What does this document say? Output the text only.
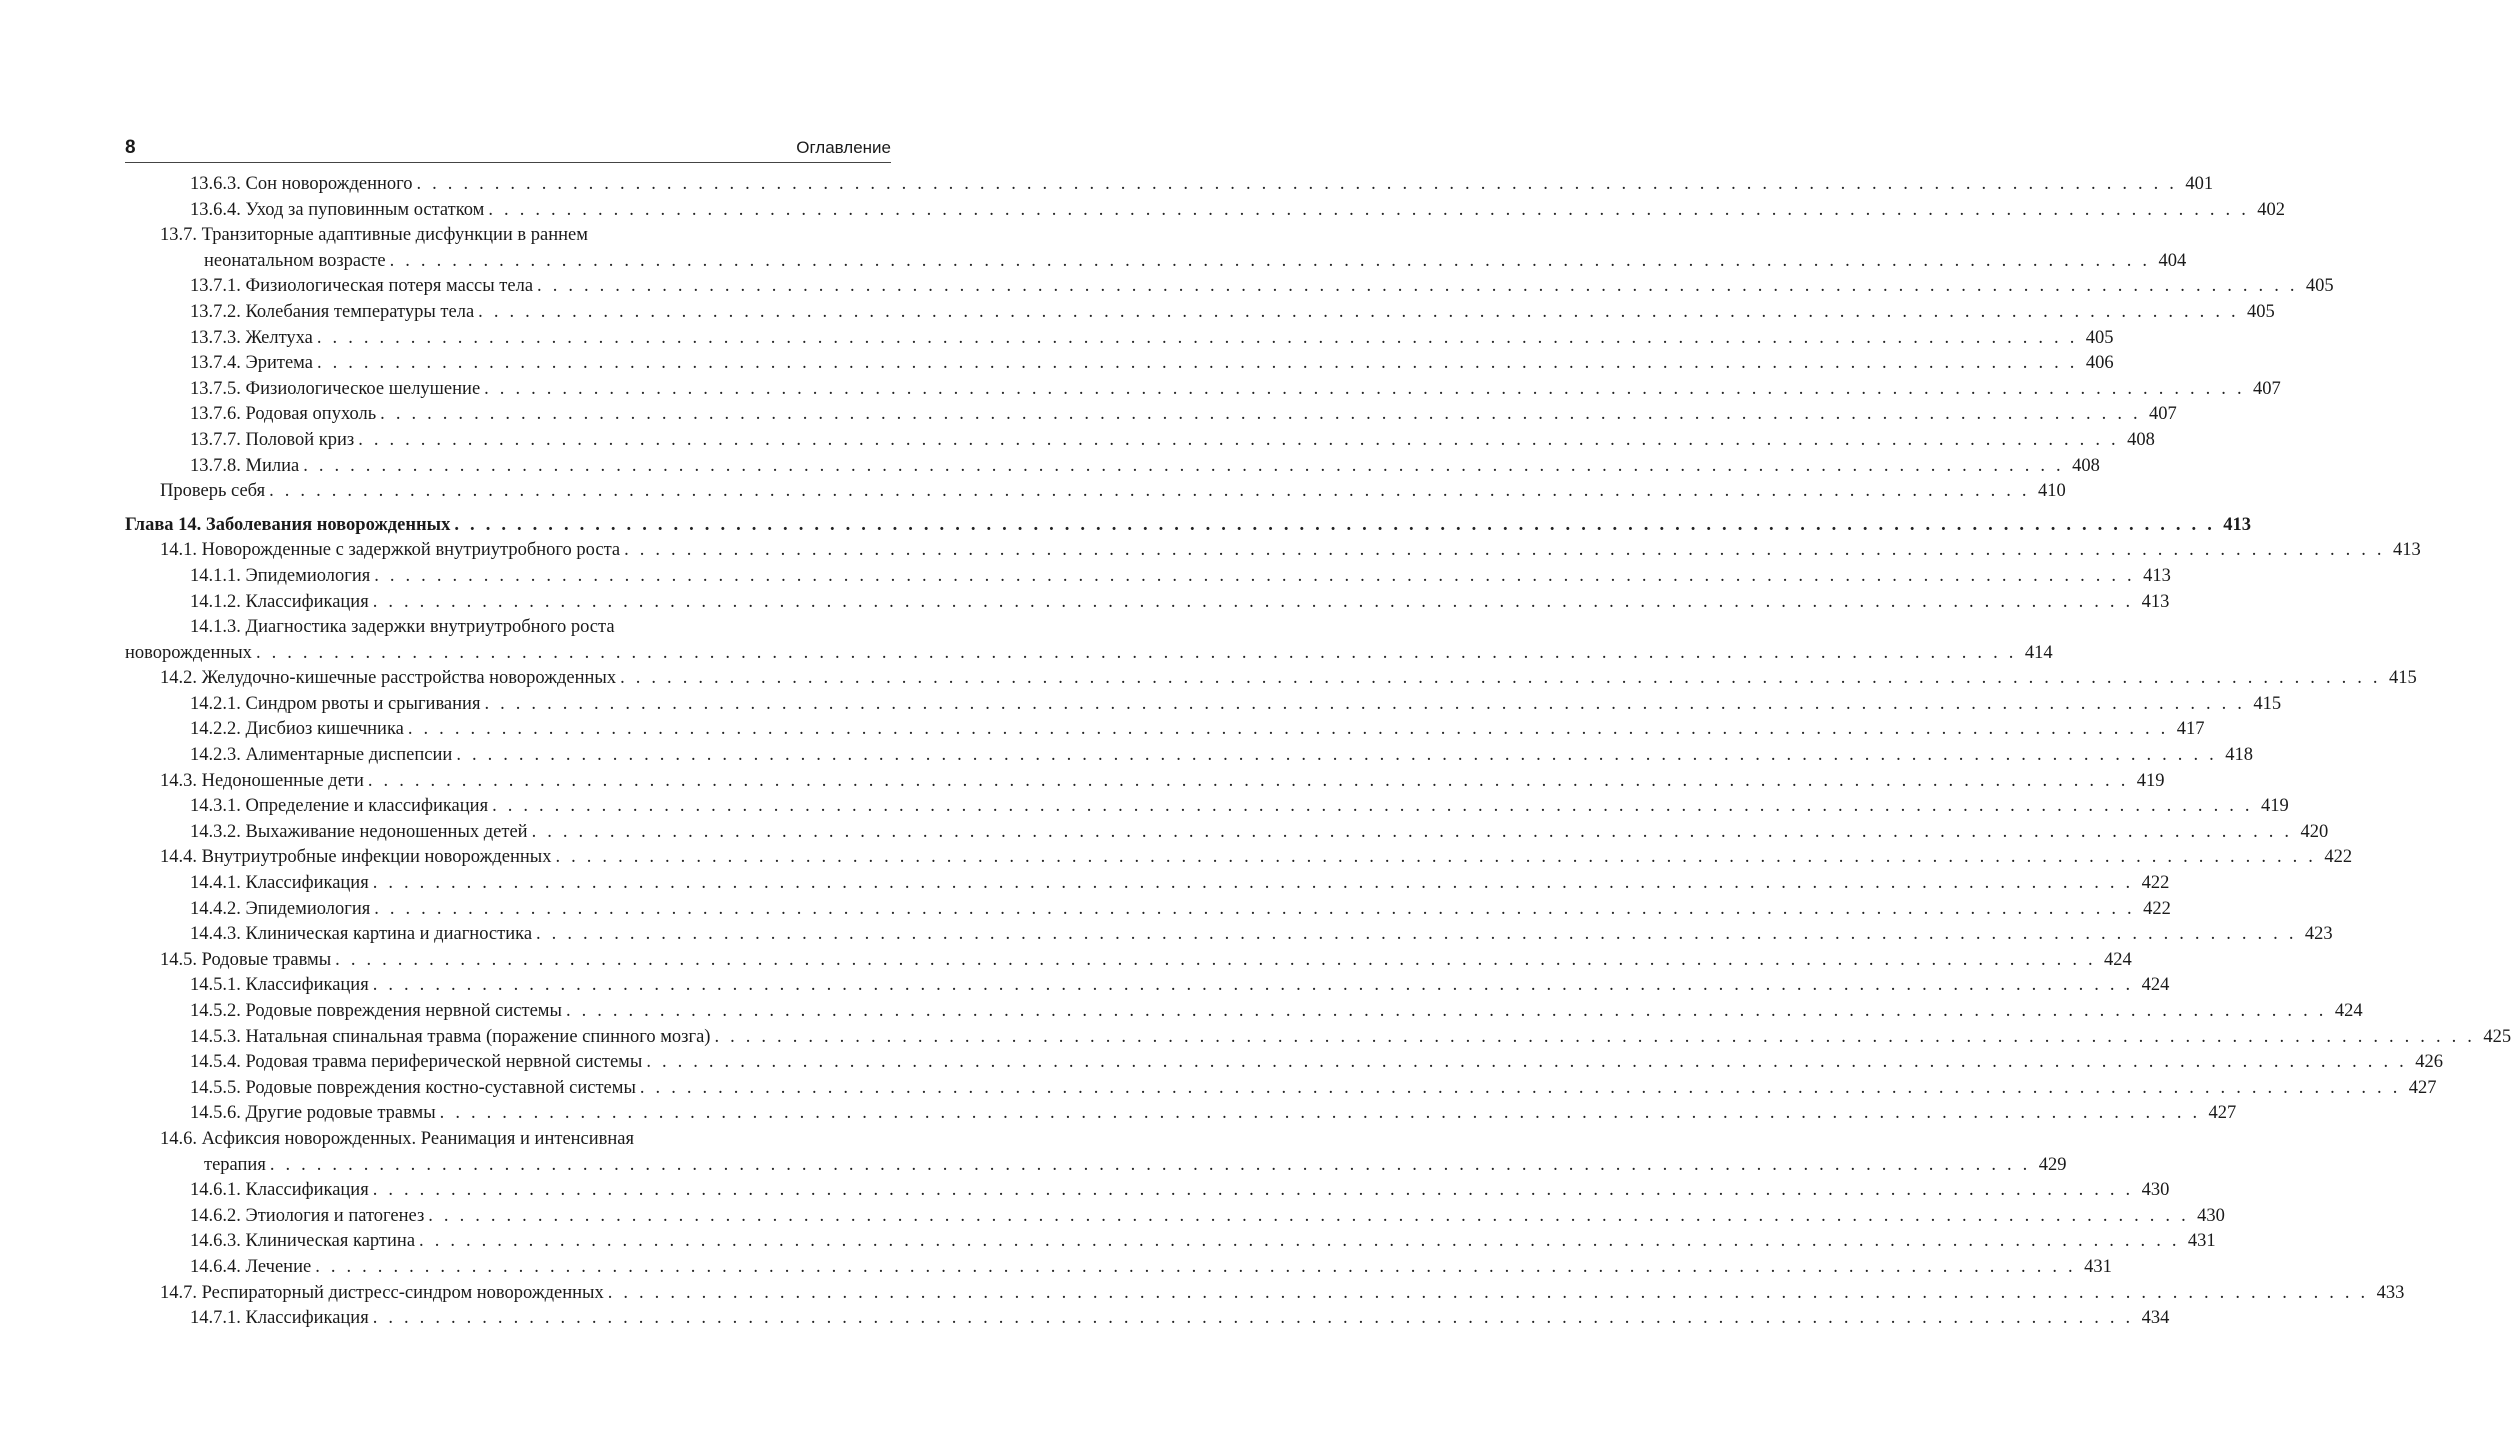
8	Оглавление
13.6.3. Сон новорожденного . . .	401
13.6.4. Уход за пуповинным остатком . . .	402
13.7. Транзиторные адаптивные дисфункции в раннем
неонатальном возрасте . . .	404
13.7.1. Физиологическая потеря массы тела . . .	405
13.7.2. Колебания температуры тела . . .	405
13.7.3. Желтуха . . .	405
13.7.4. Эритема . . .	406
13.7.5. Физиологическое шелушение . . .	407
13.7.6. Родовая опухоль . . .	407
13.7.7. Половой криз . . .	408
13.7.8. Милиа . . .	408
Проверь себя . . .	410
Глава 14. Заболевания новорожденных . . .	413
14.1. Новорожденные с задержкой внутриутробного роста . . .	413
14.1.1. Эпидемиология . . .	413
14.1.2. Классификация . . .	413
14.1.3. Диагностика задержки внутриутробного роста
новорожденных . . .	414
14.2. Желудочно-кишечные расстройства новорожденных . . .	415
14.2.1. Синдром рвоты и срыгивания . . .	415
14.2.2. Дисбиоз кишечника . . .	417
14.2.3. Алиментарные диспепсии . . .	418
14.3. Недоношенные дети . . .	419
14.3.1. Определение и классификация . . .	419
14.3.2. Выхаживание недоношенных детей . . .	420
14.4. Внутриутробные инфекции новорожденных . . .	422
14.4.1. Классификация . . .	422
14.4.2. Эпидемиология . . .	422
14.4.3. Клиническая картина и диагностика . . .	423
14.5. Родовые травмы . . .	424
14.5.1. Классификация . . .	424
14.5.2. Родовые повреждения нервной системы . . .	424
14.5.3. Натальная спинальная травма (поражение спинного мозга) . . .	425
14.5.4. Родовая травма периферической нервной системы . . .	426
14.5.5. Родовые повреждения костно-суставной системы . . .	427
14.5.6. Другие родовые травмы . . .	427
14.6. Асфиксия новорожденных. Реанимация и интенсивная
терапия . . .	429
14.6.1. Классификация . . .	430
14.6.2. Этиология и патогенез . . .	430
14.6.3. Клиническая картина . . .	431
14.6.4. Лечение . . .	431
14.7. Респираторный дистресс-синдром новорожденных . . .	433
14.7.1. Классификация . . .	434
